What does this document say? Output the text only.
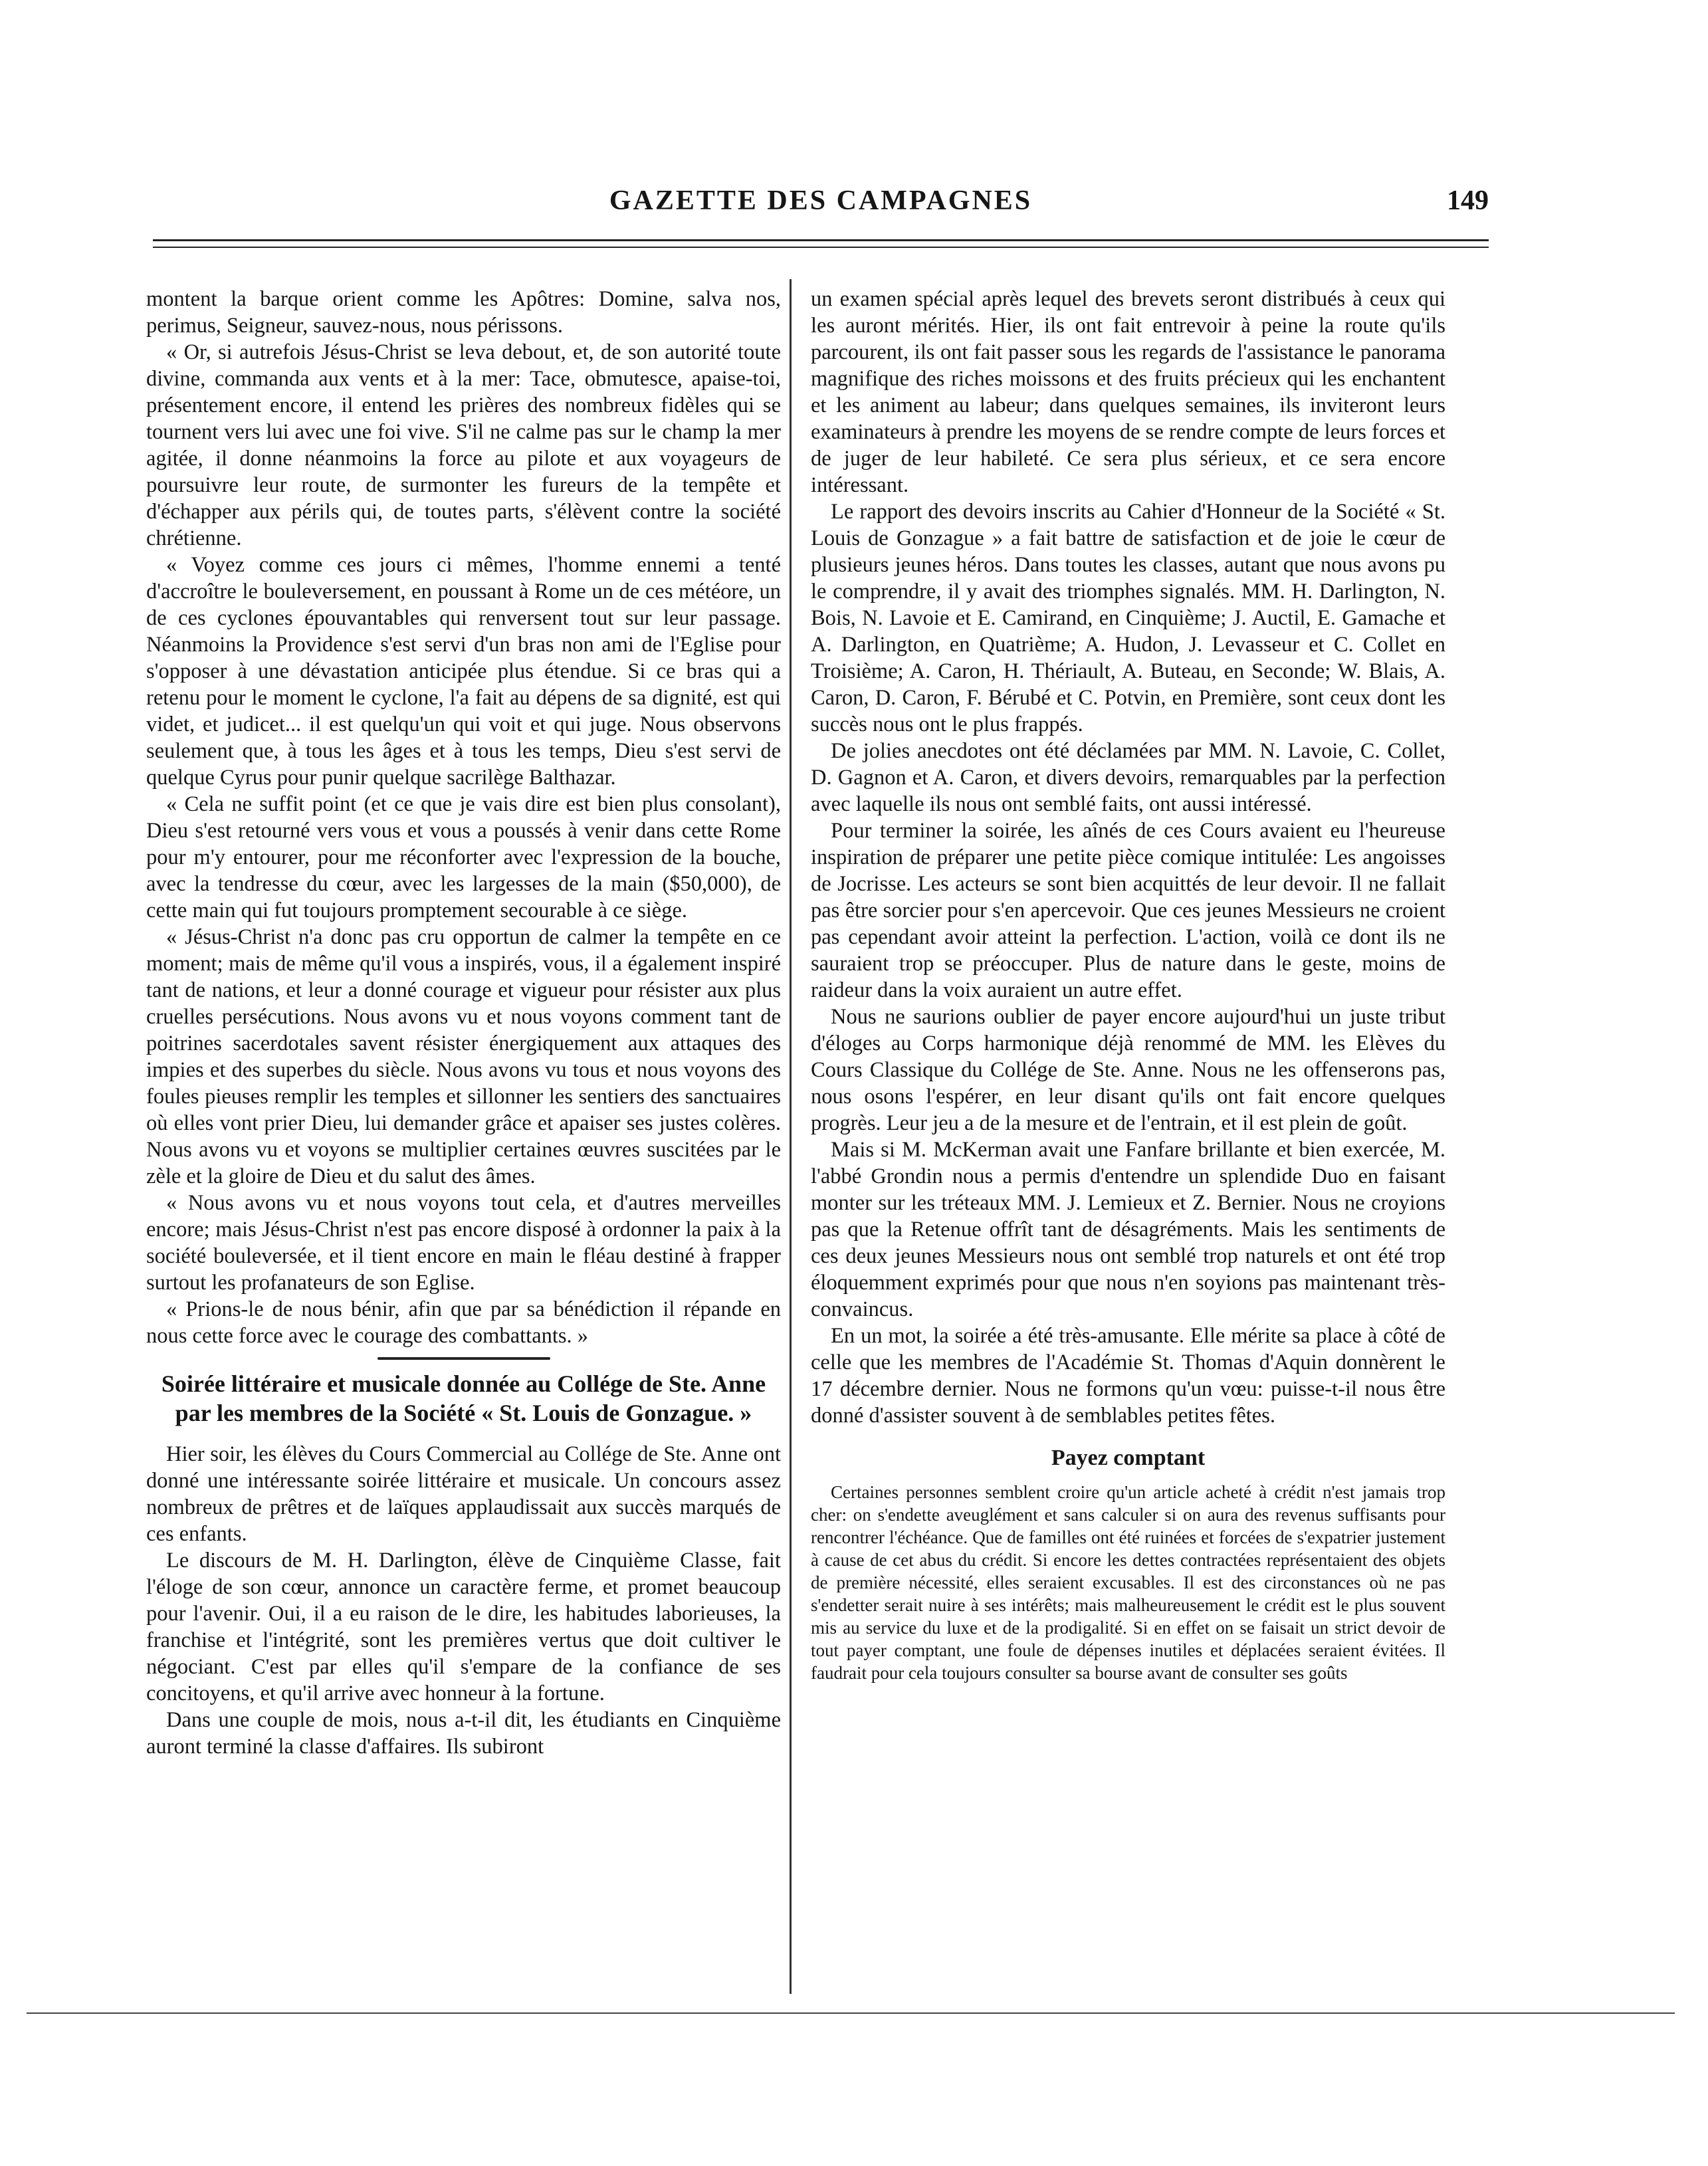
GAZETTE DES CAMPAGNES	149

montent la barque orient comme les Apôtres: Domine, salva nos, perimus, Seigneur, sauvez-nous, nous périssons.

« Or, si autrefois Jésus-Christ se leva debout, et, de son autorité toute divine, commanda aux vents et à la mer: Tace, obmutesce, apaise-toi, présentement encore, il entend les prières des nombreux fidèles qui se tournent vers lui avec une foi vive. S'il ne calme pas sur le champ la mer agitée, il donne néanmoins la force au pilote et aux voyageurs de poursuivre leur route, de surmonter les fureurs de la tempête et d'échapper aux périls qui, de toutes parts, s'élèvent contre la société chrétienne.

« Voyez comme ces jours ci mêmes, l'homme ennemi a tenté d'accroître le bouleversement, en poussant à Rome un de ces météore, un de ces cyclones épouvantables qui renversent tout sur leur passage. Néanmoins la Providence s'est servi d'un bras non ami de l'Eglise pour s'opposer à une dévastation anticipée plus étendue. Si ce bras qui a retenu pour le moment le cyclone, l'a fait au dépens de sa dignité, est qui videt, et judicet... il est quelqu'un qui voit et qui juge. Nous observons seulement que, à tous les âges et à tous les temps, Dieu s'est servi de quelque Cyrus pour punir quelque sacrilège Balthazar.

« Cela ne suffit point (et ce que je vais dire est bien plus consolant), Dieu s'est retourné vers vous et vous a poussés à venir dans cette Rome pour m'y entourer, pour me réconforter avec l'expression de la bouche, avec la tendresse du cœur, avec les largesses de la main ($50,000), de cette main qui fut toujours promptement secourable à ce siège.

« Jésus-Christ n'a donc pas cru opportun de calmer la tempête en ce moment; mais de même qu'il vous a inspirés, vous, il a également inspiré tant de nations, et leur a donné courage et vigueur pour résister aux plus cruelles persécutions. Nous avons vu et nous voyons comment tant de poitrines sacerdotales savent résister énergiquement aux attaques des impies et des superbes du siècle. Nous avons vu tous et nous voyons des foules pieuses remplir les temples et sillonner les sentiers des sanctuaires où elles vont prier Dieu, lui demander grâce et apaiser ses justes colères. Nous avons vu et voyons se multiplier certaines œuvres suscitées par le zèle et la gloire de Dieu et du salut des âmes.

« Nous avons vu et nous voyons tout cela, et d'autres merveilles encore; mais Jésus-Christ n'est pas encore disposé à ordonner la paix à la société bouleversée, et il tient encore en main le fléau destiné à frapper surtout les profanateurs de son Eglise.

« Prions-le de nous bénir, afin que par sa bénédiction il répande en nous cette force avec le courage des combattants. »

Soirée littéraire et musicale donnée au Collége de Ste. Anne par les membres de la Société « St. Louis de Gonzague. »

Hier soir, les élèves du Cours Commercial au Collége de Ste. Anne ont donné une intéressante soirée littéraire et musicale. Un concours assez nombreux de prêtres et de laïques applaudissait aux succès marqués de ces enfants.

Le discours de M. H. Darlington, élève de Cinquième Classe, fait l'éloge de son cœur, annonce un caractère ferme, et promet beaucoup pour l'avenir. Oui, il a eu raison de le dire, les habitudes laborieuses, la franchise et l'intégrité, sont les premières vertus que doit cultiver le négociant. C'est par elles qu'il s'empare de la confiance de ses concitoyens, et qu'il arrive avec honneur à la fortune.

Dans une couple de mois, nous a-t-il dit, les étudiants en Cinquième auront terminé la classe d'affaires. Ils subiront

un examen spécial après lequel des brevets seront distribués à ceux qui les auront mérités. Hier, ils ont fait entrevoir à peine la route qu'ils parcourent, ils ont fait passer sous les regards de l'assistance le panorama magnifique des riches moissons et des fruits précieux qui les enchantent et les animent au labeur; dans quelques semaines, ils inviteront leurs examinateurs à prendre les moyens de se rendre compte de leurs forces et de juger de leur habileté. Ce sera plus sérieux, et ce sera encore intéressant.

Le rapport des devoirs inscrits au Cahier d'Honneur de la Société « St. Louis de Gonzague » a fait battre de satisfaction et de joie le cœur de plusieurs jeunes héros. Dans toutes les classes, autant que nous avons pu le comprendre, il y avait des triomphes signalés. MM. H. Darlington, N. Bois, N. Lavoie et E. Camirand, en Cinquième; J. Auctil, E. Gamache et A. Darlington, en Quatrième; A. Hudon, J. Levasseur et C. Collet en Troisième; A. Caron, H. Thériault, A. Buteau, en Seconde; W. Blais, A. Caron, D. Caron, F. Bérubé et C. Potvin, en Première, sont ceux dont les succès nous ont le plus frappés.

De jolies anecdotes ont été déclamées par MM. N. Lavoie, C. Collet, D. Gagnon et A. Caron, et divers devoirs, remarquables par la perfection avec laquelle ils nous ont semblé faits, ont aussi intéressé.

Pour terminer la soirée, les aînés de ces Cours avaient eu l'heureuse inspiration de préparer une petite pièce comique intitulée: Les angoisses de Jocrisse. Les acteurs se sont bien acquittés de leur devoir. Il ne fallait pas être sorcier pour s'en apercevoir. Que ces jeunes Messieurs ne croient pas cependant avoir atteint la perfection. L'action, voilà ce dont ils ne sauraient trop se préoccuper. Plus de nature dans le geste, moins de raideur dans la voix auraient un autre effet.

Nous ne saurions oublier de payer encore aujourd'hui un juste tribut d'éloges au Corps harmonique déjà renommé de MM. les Elèves du Cours Classique du Collége de Ste. Anne. Nous ne les offenserons pas, nous osons l'espérer, en leur disant qu'ils ont fait encore quelques progrès. Leur jeu a de la mesure et de l'entrain, et il est plein de goût.

Mais si M. McKerman avait une Fanfare brillante et bien exercée, M. l'abbé Grondin nous a permis d'entendre un splendide Duo en faisant monter sur les tréteaux MM. J. Lemieux et Z. Bernier. Nous ne croyions pas que la Retenue offrît tant de désagréments. Mais les sentiments de ces deux jeunes Messieurs nous ont semblé trop naturels et ont été trop éloquemment exprimés pour que nous n'en soyions pas maintenant très-convaincus.

En un mot, la soirée a été très-amusante. Elle mérite sa place à côté de celle que les membres de l'Académie St. Thomas d'Aquin donnèrent le 17 décembre dernier. Nous ne formons qu'un vœu: puisse-t-il nous être donné d'assister souvent à de semblables petites fêtes.

Payez comptant

Certaines personnes semblent croire qu'un article acheté à crédit n'est jamais trop cher: on s'endette aveuglément et sans calculer si on aura des revenus suffisants pour rencontrer l'échéance. Que de familles ont été ruinées et forcées de s'expatrier justement à cause de cet abus du crédit. Si encore les dettes contractées représentaient des objets de première nécessité, elles seraient excusables. Il est des circonstances où ne pas s'endetter serait nuire à ses intérêts; mais malheureusement le crédit est le plus souvent mis au service du luxe et de la prodigalité. Si en effet on se faisait un strict devoir de tout payer comptant, une foule de dépenses inutiles et déplacées seraient évitées. Il faudrait pour cela toujours consulter sa bourse avant de consulter ses goûts
